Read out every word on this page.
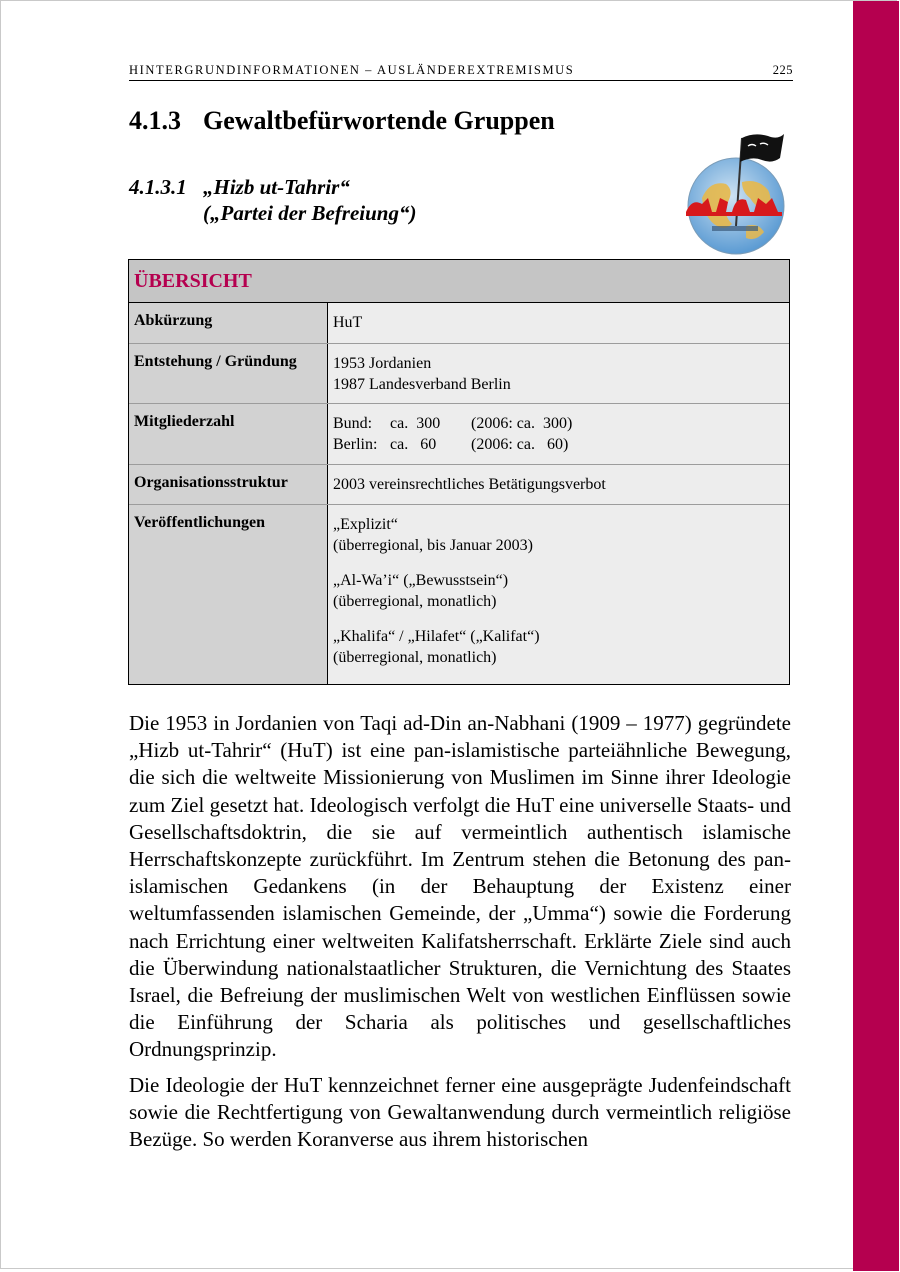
HINTERGRUNDINFORMATIONEN – AUSLÄNDEREXTREMISMUS	225
4.1.3 Gewaltbefürwortende Gruppen
4.1.3.1 „Hizb ut-Tahrir“
(„Partei der Befreiung“)
ÜBERSICHT
Abkürzung	HuT
Entstehung / Gründung	1953 Jordanien
1987 Landesverband Berlin
Mitgliederzahl	Bund:	ca.  300	(2006: ca.  300)
Berlin:	ca.   60	(2006: ca.   60)
Organisationsstruktur	2003 vereinsrechtliches Betätigungsverbot
Veröffentlichungen	„Explizit“
(überregional, bis Januar 2003)
„Al-Wa’i“ („Bewusstsein“)
(überregional, monatlich)
„Khalifa“ / „Hilafet“ („Kalifat“)
(überregional, monatlich)

Die 1953 in Jordanien von Taqi ad-Din an-Nabhani (1909 – 1977) gegründete „Hizb ut-Tahrir“ (HuT) ist eine pan-islamistische parteiähnliche Bewegung, die sich die weltweite Missionierung von Muslimen im Sinne ihrer Ideologie zum Ziel gesetzt hat. Ideologisch verfolgt die HuT eine universelle Staats- und Gesellschaftsdoktrin, die sie auf vermeintlich authentisch islamische Herrschaftskonzepte zurückführt. Im Zentrum stehen die Betonung des pan-islamischen Gedankens (in der Behauptung der Existenz einer weltumfassenden islamischen Gemeinde, der „Umma“) sowie die Forderung nach Errichtung einer weltweiten Kalifatsherrschaft. Erklärte Ziele sind auch die Überwindung nationalstaatlicher Strukturen, die Vernichtung des Staates Israel, die Befreiung der muslimischen Welt von westlichen Einflüssen sowie die Einführung der Scharia als politisches und gesellschaftliches Ordnungsprinzip.

Die Ideologie der HuT kennzeichnet ferner eine ausgeprägte Judenfeindschaft sowie die Rechtfertigung von Gewaltanwendung durch vermeintlich religiöse Bezüge. So werden Koranverse aus ihrem historischen
